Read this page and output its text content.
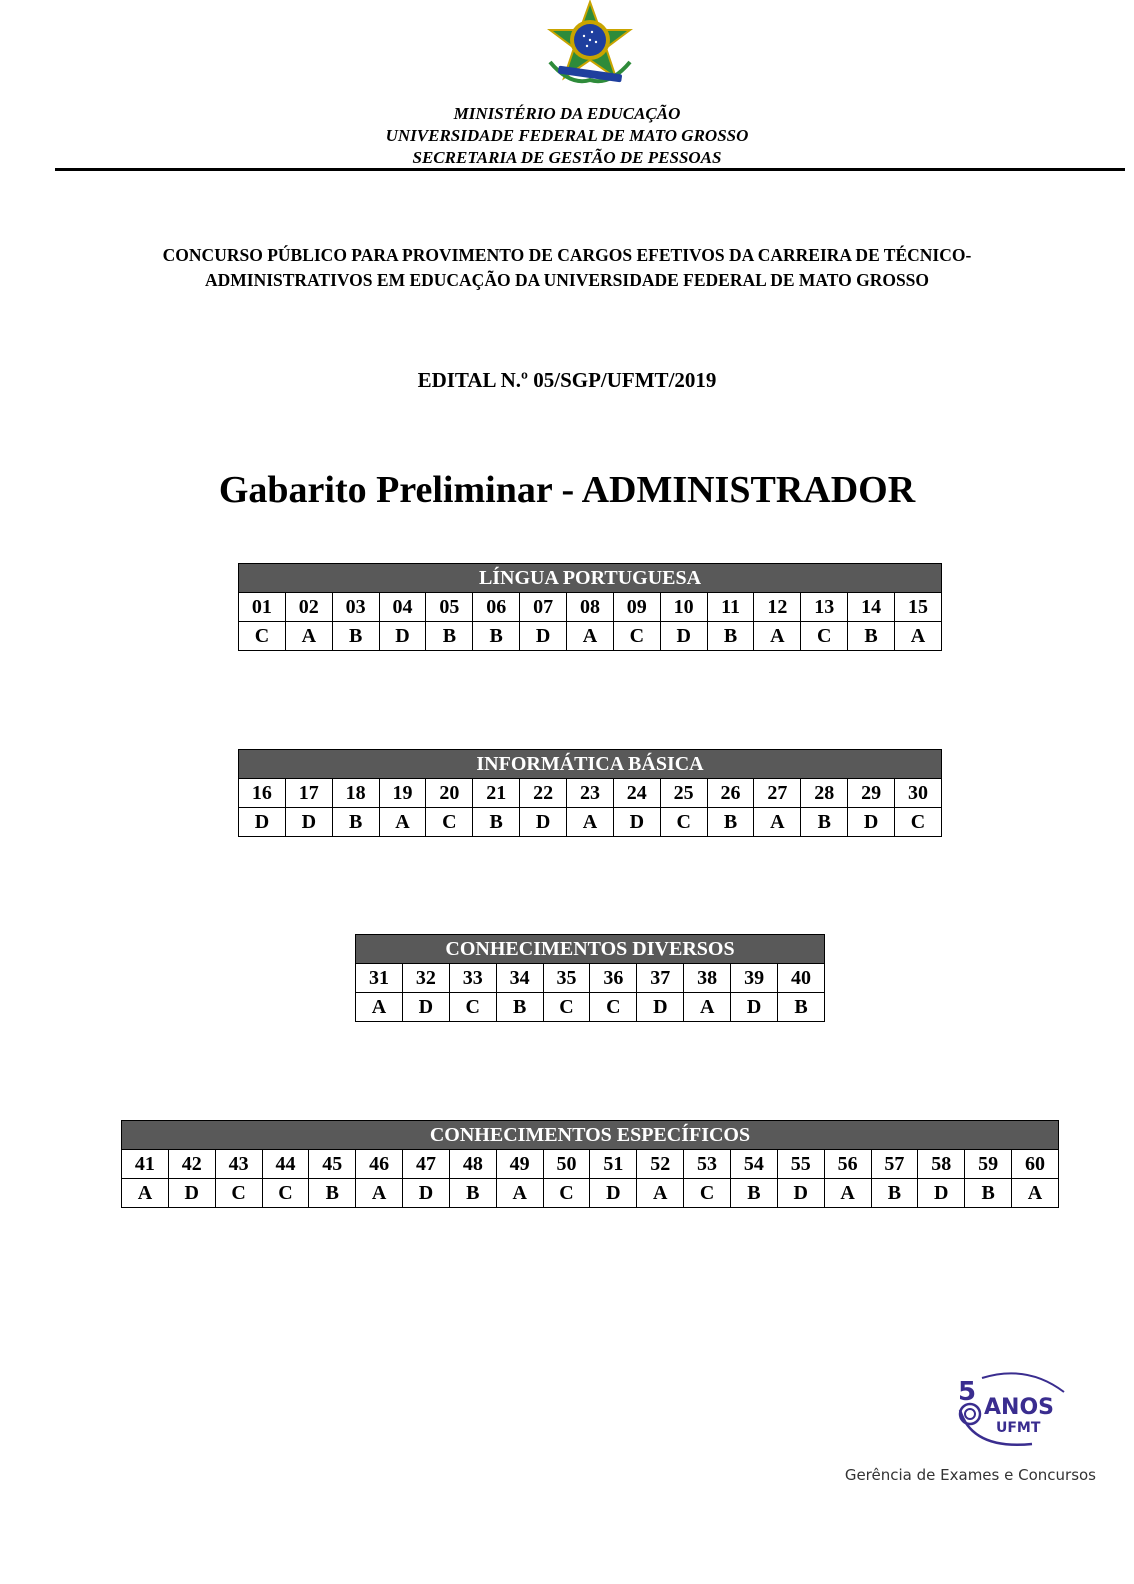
MINISTÉRIO DA EDUCAÇÃO
UNIVERSIDADE FEDERAL DE MATO GROSSO
SECRETARIA DE GESTÃO DE PESSOAS
CONCURSO PÚBLICO PARA PROVIMENTO DE CARGOS EFETIVOS DA CARREIRA DE TÉCNICO-
ADMINISTRATIVOS EM EDUCAÇÃO DA UNIVERSIDADE FEDERAL DE MATO GROSSO
EDITAL N.º 05/SGP/UFMT/2019
Gabarito Preliminar - ADMINISTRADOR
LÍNGUA PORTUGUESA														
01	02	03	04	05	06	07	08	09	10	11	12	13	14	15
C	A	B	D	B	B	D	A	C	D	B	A	C	B	A
INFORMÁTICA BÁSICA														
16	17	18	19	20	21	22	23	24	25	26	27	28	29	30
D	D	B	A	C	B	D	A	D	C	B	A	B	D	C
CONHECIMENTOS DIVERSOS									
31	32	33	34	35	36	37	38	39	40
A	D	C	B	C	C	D	A	D	B
CONHECIMENTOS ESPECÍFICOS																			
41	42	43	44	45	46	47	48	49	50	51	52	53	54	55	56	57	58	59	60
A	D	C	C	B	A	D	B	A	C	D	A	C	B	D	A	B	D	B	A
5
ANOS
UFMT
Gerência de Exames e Concursos
